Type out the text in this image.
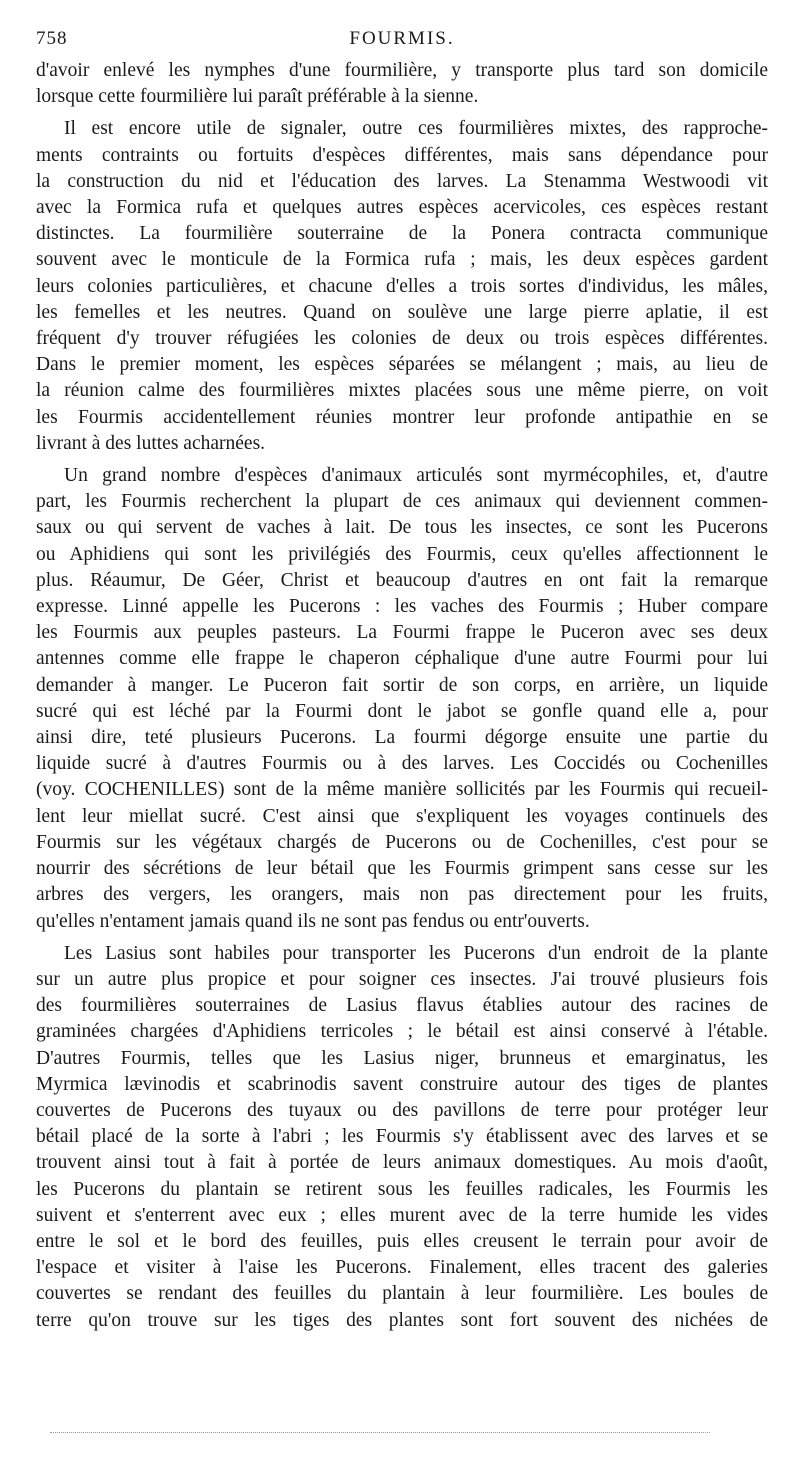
758	FOURMIS.

d'avoir enlevé les nymphes d'une fourmilière, y transporte plus tard son domicile
lorsque cette fourmilière lui paraît préférable à la sienne.

Il est encore utile de signaler, outre ces fourmilières mixtes, des rapproche-
ments contraints ou fortuits d'espèces différentes, mais sans dépendance pour
la construction du nid et l'éducation des larves. La Stenamma Westwoodi vit
avec la Formica rufa et quelques autres espèces acervicoles, ces espèces restant
distinctes. La fourmilière souterraine de la Ponera contracta communique
souvent avec le monticule de la Formica rufa ; mais, les deux espèces gardent
leurs colonies particulières, et chacune d'elles a trois sortes d'individus, les mâles,
les femelles et les neutres. Quand on soulève une large pierre aplatie, il est
fréquent d'y trouver réfugiées les colonies de deux ou trois espèces différentes.
Dans le premier moment, les espèces séparées se mélangent ; mais, au lieu de
la réunion calme des fourmilières mixtes placées sous une même pierre, on voit
les Fourmis accidentellement réunies montrer leur profonde antipathie en se
livrant à des luttes acharnées.

Un grand nombre d'espèces d'animaux articulés sont myrmécophiles, et, d'autre
part, les Fourmis recherchent la plupart de ces animaux qui deviennent commen-
saux ou qui servent de vaches à lait. De tous les insectes, ce sont les Pucerons
ou Aphidiens qui sont les privilégiés des Fourmis, ceux qu'elles affectionnent le
plus. Réaumur, De Géer, Christ et beaucoup d'autres en ont fait la remarque
expresse. Linné appelle les Pucerons : les vaches des Fourmis ; Huber compare
les Fourmis aux peuples pasteurs. La Fourmi frappe le Puceron avec ses deux
antennes comme elle frappe le chaperon céphalique d'une autre Fourmi pour lui
demander à manger. Le Puceron fait sortir de son corps, en arrière, un liquide
sucré qui est léché par la Fourmi dont le jabot se gonfle quand elle a, pour
ainsi dire, teté plusieurs Pucerons. La fourmi dégorge ensuite une partie du
liquide sucré à d'autres Fourmis ou à des larves. Les Coccidés ou Cochenilles
(voy. COCHENILLES) sont de la même manière sollicités par les Fourmis qui recueil-
lent leur miellat sucré. C'est ainsi que s'expliquent les voyages continuels des
Fourmis sur les végétaux chargés de Pucerons ou de Cochenilles, c'est pour se
nourrir des sécrétions de leur bétail que les Fourmis grimpent sans cesse sur les
arbres des vergers, les orangers, mais non pas directement pour les fruits,
qu'elles n'entament jamais quand ils ne sont pas fendus ou entr'ouverts.

Les Lasius sont habiles pour transporter les Pucerons d'un endroit de la plante
sur un autre plus propice et pour soigner ces insectes. J'ai trouvé plusieurs fois
des fourmilières souterraines de Lasius flavus établies autour des racines de
graminées chargées d'Aphidiens terricoles ; le bétail est ainsi conservé à l'étable.
D'autres Fourmis, telles que les Lasius niger, brunneus et emarginatus, les
Myrmica lævinodis et scabrinodis savent construire autour des tiges de plantes
couvertes de Pucerons des tuyaux ou des pavillons de terre pour protéger leur
bétail placé de la sorte à l'abri ; les Fourmis s'y établissent avec des larves et se
trouvent ainsi tout à fait à portée de leurs animaux domestiques. Au mois d'août,
les Pucerons du plantain se retirent sous les feuilles radicales, les Fourmis les
suivent et s'enterrent avec eux ; elles murent avec de la terre humide les vides
entre le sol et le bord des feuilles, puis elles creusent le terrain pour avoir de
l'espace et visiter à l'aise les Pucerons. Finalement, elles tracent des galeries
couvertes se rendant des feuilles du plantain à leur fourmilière. Les boules de
terre qu'on trouve sur les tiges des plantes sont fort souvent des nichées de
